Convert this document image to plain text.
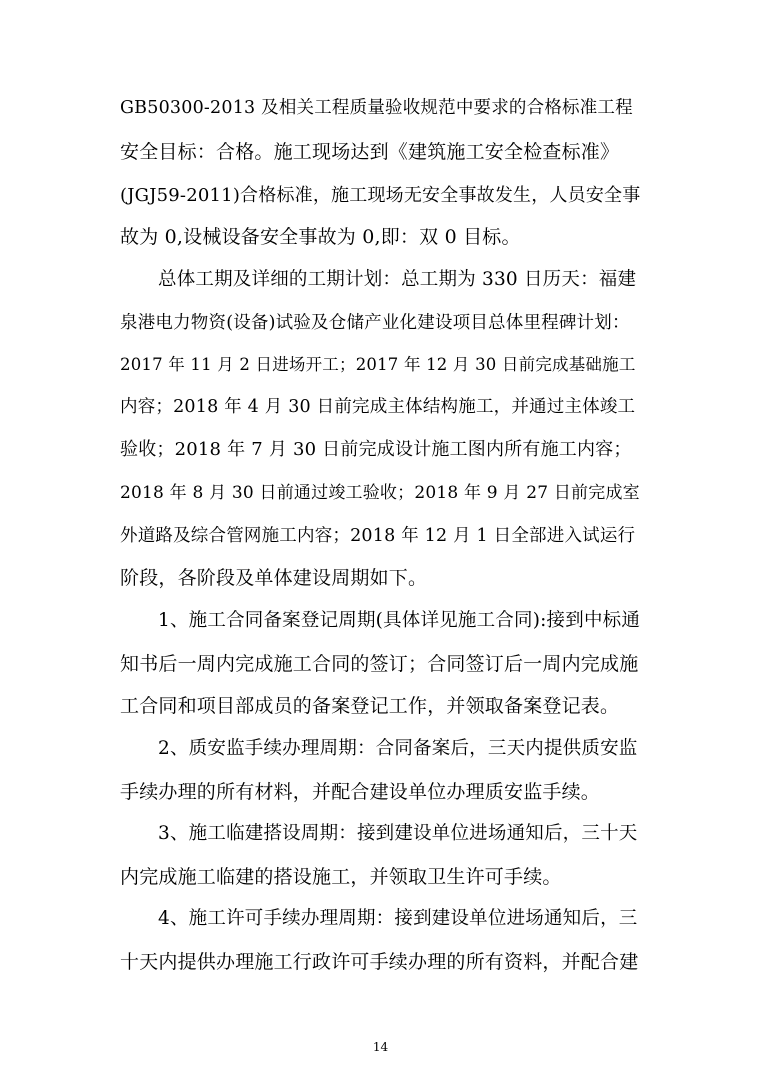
GB50300-2013 及相关工程质量验收规范中要求的合格标准工程
安全目标：合格。施工现场达到《建筑施工安全检查标准》
(JGJ59-2011)合格标准，施工现场无安全事故发生，人员安全事
故为 0,设械设备安全事故为 0,即：双 0 目标。
总体工期及详细的工期计划：总工期为 330 日历天：福建
泉港电力物资(设备)试验及仓储产业化建设项目总体里程碑计划：
2017 年 11 月 2 日进场开工；2017 年 12 月 30 日前完成基础施工
内容；2018 年 4 月 30 日前完成主体结构施工，并通过主体竣工
验收；2018 年 7 月 30 日前完成设计施工图内所有施工内容；
2018 年 8 月 30 日前通过竣工验收；2018 年 9 月 27 日前完成室
外道路及综合管网施工内容；2018 年 12 月 1 日全部进入试运行
阶段，各阶段及单体建设周期如下。
1、施工合同备案登记周期(具体详见施工合同):接到中标通
知书后一周内完成施工合同的签订；合同签订后一周内完成施
工合同和项目部成员的备案登记工作，并领取备案登记表。
2、质安监手续办理周期：合同备案后，三天内提供质安监
手续办理的所有材料，并配合建设单位办理质安监手续。
3、施工临建搭设周期：接到建设单位进场通知后，三十天
内完成施工临建的搭设施工，并领取卫生许可手续。
4、施工许可手续办理周期：接到建设单位进场通知后，三
十天内提供办理施工行政许可手续办理的所有资料，并配合建
14
